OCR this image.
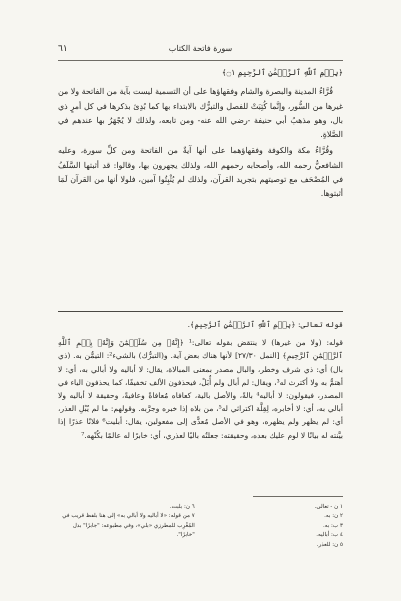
سورة فاتحة الكتاب
٦١

﴿بِسۡمِ ٱللَّهِ ٱلرَّحۡمَٰنِ ٱلرَّحِيمِ ۝١﴾

قُرَّاءُ المدينة والبصرة والشام وفقهاؤها على أن التسمية ليست بآية من الفاتحة ولا من غيرها من السُّور، وإنَّما كُتِبَتْ للفصل والتبرُّك بالابتداء بها كما بُدِئ بذكرها في كل أمرٍ ذي بال، وهو مذهبُ أبي حنيفة -رضي الله عنه- ومن تابعه، ولذلك لا يُجْهَرُ بها عندهم في الصَّلاةِ.

وقُرَّاءُ مكة والكوفة وفقهاؤهما على أنها آيةٌ من الفاتحة ومن كلِّ سورة، وعليه الشافعيُّ رحمه الله، وأصحابه رحمهم الله، ولذلك يجهرون بها، وقالوا: قد أثبتها السَّلَفُ في المُصْحَف مع توصيتهم بتجريد القرآن، ولذلك لم يُثْبِتُوا آمين، فلولا أنها من القرآن لَمَا أثبتوها.

قوله تعالى: ﴿بِسۡمِ ٱللَّهِ ٱلرَّحۡمَٰنِ ٱلرَّحِيمِ﴾.

قوله: (ولا من غيرها) لا ينتقض بقوله تعالى:¹ ﴿إِنَّهُۥ مِن سُلَيۡمَٰنَ وَإِنَّهُۥ بِسۡمِ ٱللَّهِ ٱلرَّحۡمَٰنِ ٱلرَّحِيمِ﴾ [النمل ٢٧/٣٠] لأنها هناك بعض آية. و(التبرُّك) بالشيء²: التيمُّن به. (ذي بال) أي: ذي شرف وخطر، والبال مصدر بمعنى المبالاة، يقال: لا أباليه ولا أبالي به، أي: لا أهتمُّ به ولا أكترث له³، ويقال: لم أبال ولم أُبَلْ، فيحذفون الألف تخفيفًا، كما يحذفون الياء في المصدر، فيقولون: لا أباليه⁴ بالةً، والأصل بالية، كعافاه مُعافاةً وعافيةً، وحقيقة لا أباليه ولا أبالي به، أي: لا أخابره، لِقِلَّة اكتراثي له⁵، من بلاه إذا خبره وجرَّبه. وقولهم: ما لم يُبْلِ العذر، أي: لم يظهر ولم يظهره، وهو في الأصل مُعدًّى إلى مفعولين، يقال: أبليت⁶ فلانًا عذرًا إذا بيَّنته له بيانًا لا لوم عليك بعده، وحقيقته: جعلتُه باليًا لعذري، أي: خابرًا له عالمًا بكُنْهه.⁷

١ ن - تعالى.
٢ ن: به.
٣ ب: به.
٤ ب: أباليه.
٥ ن: للعذر.
٦ ن: بلبت.
٧ من قوله: «لا أباليه ولا أبالي به» إلى هنا بلفظ قريب في المُغْرِب للمطرزي «بلي»، وفي مطبوعه: "جابرًا" بدل "خابرًا".
